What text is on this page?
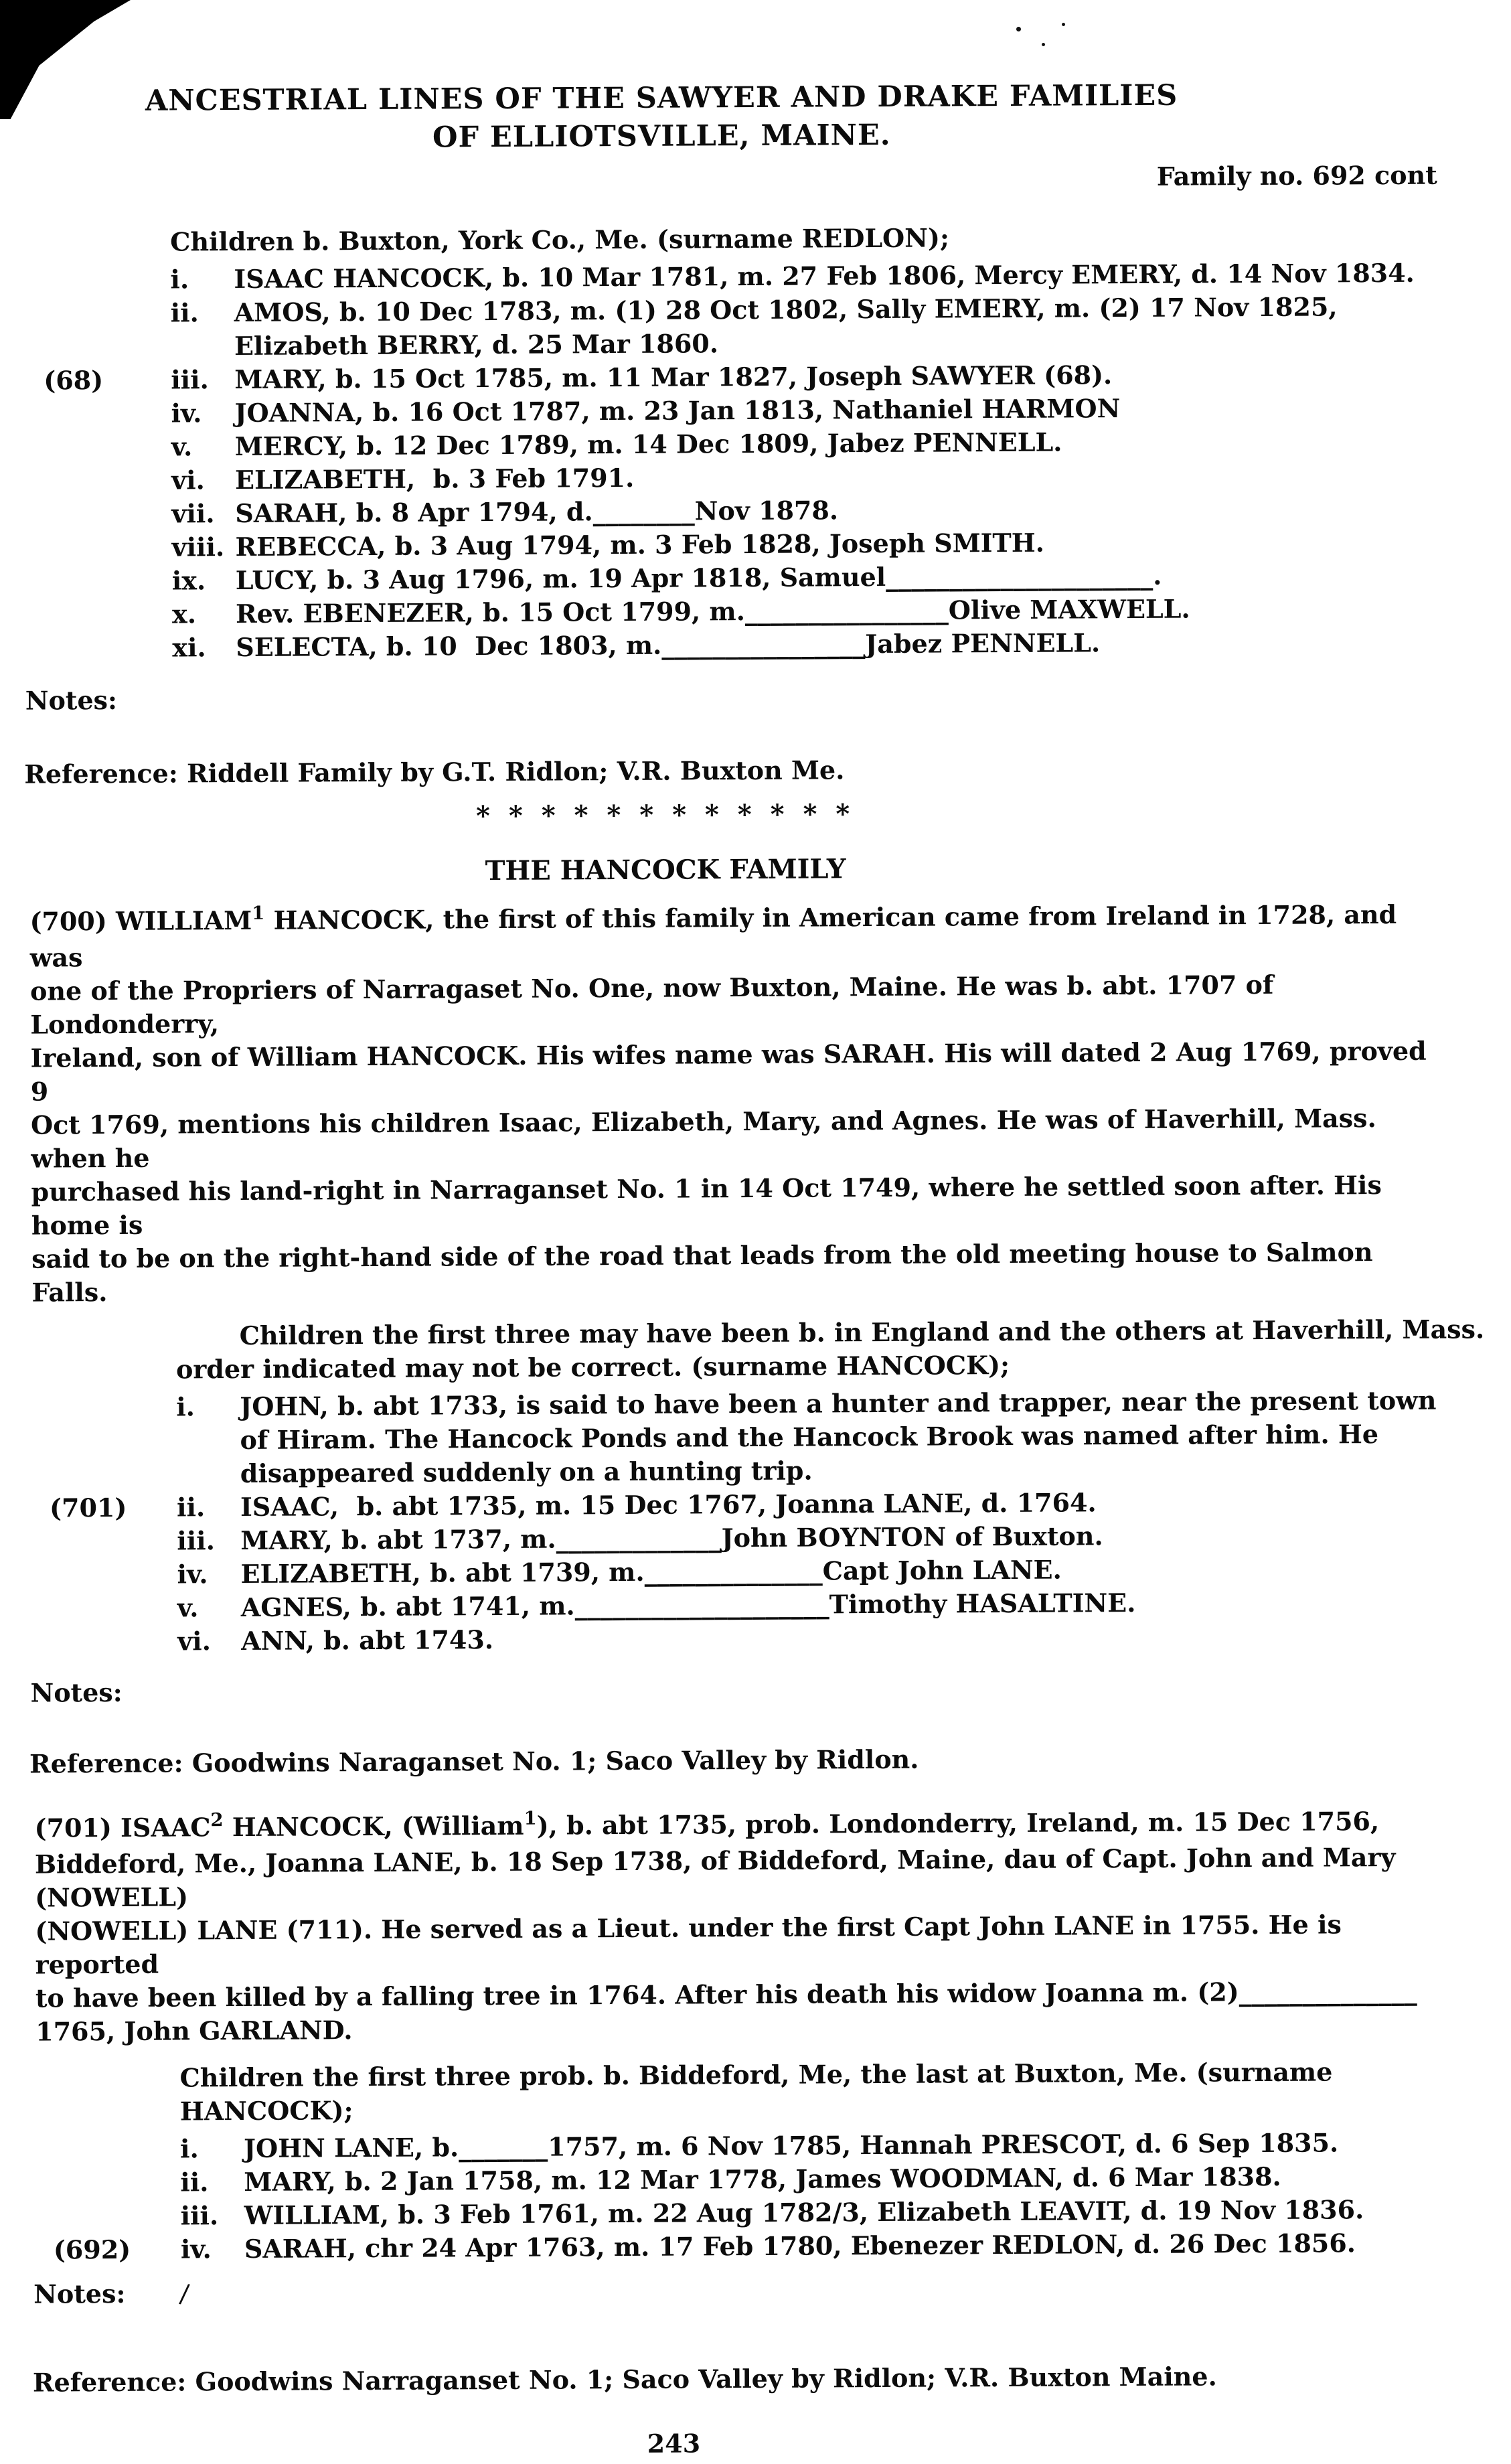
ANCESTRIAL LINES OF THE SAWYER AND DRAKE FAMILIES
OF ELLIOTSVILLE, MAINE.
Family no. 692 cont
Children b. Buxton, York Co., Me. (surname REDLON);
i.	ISAAC HANCOCK, b. 10 Mar 1781, m. 27 Feb 1806, Mercy EMERY, d. 14 Nov 1834.
ii.	AMOS, b. 10 Dec 1783, m. (1) 28 Oct 1802, Sally EMERY, m. (2) 17 Nov 1825, Elizabeth BERRY, d. 25 Mar 1860.
(68)	iii.	MARY, b. 15 Oct 1785, m. 11 Mar 1827, Joseph SAWYER (68).
iv.	JOANNA, b. 16 Oct 1787, m. 23 Jan 1813, Nathaniel HARMON
v.	MERCY, b. 12 Dec 1789, m. 14 Dec 1809, Jabez PENNELL.
vi.	ELIZABETH,  b. 3 Feb 1791.
vii. SARAH, b. 8 Apr 1794, d.________Nov 1878.
viii. REBECCA, b. 3 Aug 1794, m. 3 Feb 1828, Joseph SMITH.
ix.	LUCY, b. 3 Aug 1796, m. 19 Apr 1818, Samuel_____________________.
x.	Rev. EBENEZER, b. 15 Oct 1799, m.________________Olive MAXWELL.
xi.	SELECTA, b. 10  Dec 1803, m.________________Jabez PENNELL.
Notes:
Reference: Riddell Family by G.T. Ridlon; V.R. Buxton Me.
* * * * * * * * * * * *
THE HANCOCK FAMILY
(700) WILLIAM$^1$ HANCOCK, the first of this family in American came from Ireland in 1728, and was
one of the Propriers of Narragaset No. One, now Buxton, Maine. He was b. abt. 1707 of Londonderry,
Ireland, son of William HANCOCK. His wifes name was SARAH. His will dated 2 Aug 1769, proved 9
Oct 1769, mentions his children Isaac, Elizabeth, Mary, and Agnes. He was of Haverhill, Mass. when he
purchased his land-right in Narraganset No. 1 in 14 Oct 1749, where he settled soon after. His home is
said to be on the right-hand side of the road that leads from the old meeting house to Salmon Falls.
Children the first three may have been b. in England and the others at Haverhill, Mass.
order indicated may not be correct. (surname HANCOCK);
i.	JOHN, b. abt 1733, is said to have been a hunter and trapper, near the present town of Hiram. The Hancock Ponds and the Hancock Brook was named after him. He disappeared suddenly on a hunting trip.
(701)	ii.	ISAAC,  b. abt 1735, m. 15 Dec 1767, Joanna LANE, d. 1764.
iii.	MARY, b. abt 1737, m._____________John BOYNTON of Buxton.
iv.	ELIZABETH, b. abt 1739, m.______________Capt John LANE.
v.	AGNES, b. abt 1741, m.____________________Timothy HASALTINE.
vi.	ANN, b. abt 1743.
Notes:
Reference: Goodwins Naraganset No. 1; Saco Valley by Ridlon.
(701) ISAAC$^2$ HANCOCK, (William$^1$), b. abt 1735, prob. Londonderry, Ireland, m. 15 Dec 1756,
Biddeford, Me., Joanna LANE, b. 18 Sep 1738, of Biddeford, Maine, dau of Capt. John and Mary (NOWELL)
(NOWELL) LANE (711). He served as a Lieut. under the first Capt John LANE in 1755. He is reported
to have been killed by a falling tree in 1764. After his death his widow Joanna m. (2)______________
1765, John GARLAND.
Children the first three prob. b. Biddeford, Me, the last at Buxton, Me. (surname HANCOCK);
i.	JOHN LANE, b._______1757, m. 6 Nov 1785, Hannah PRESCOT, d. 6 Sep 1835.
ii.	MARY, b. 2 Jan 1758, m. 12 Mar 1778, James WOODMAN, d. 6 Mar 1838.
iii.	WILLIAM, b. 3 Feb 1761, m. 22 Aug 1782/3, Elizabeth LEAVIT, d. 19 Nov 1836.
(692)	iv.	SARAH, chr 24 Apr 1763, m. 17 Feb 1780, Ebenezer REDLON, d. 26 Dec 1856.
Notes: /
Reference: Goodwins Narraganset No. 1; Saco Valley by Ridlon; V.R. Buxton Maine.
243
